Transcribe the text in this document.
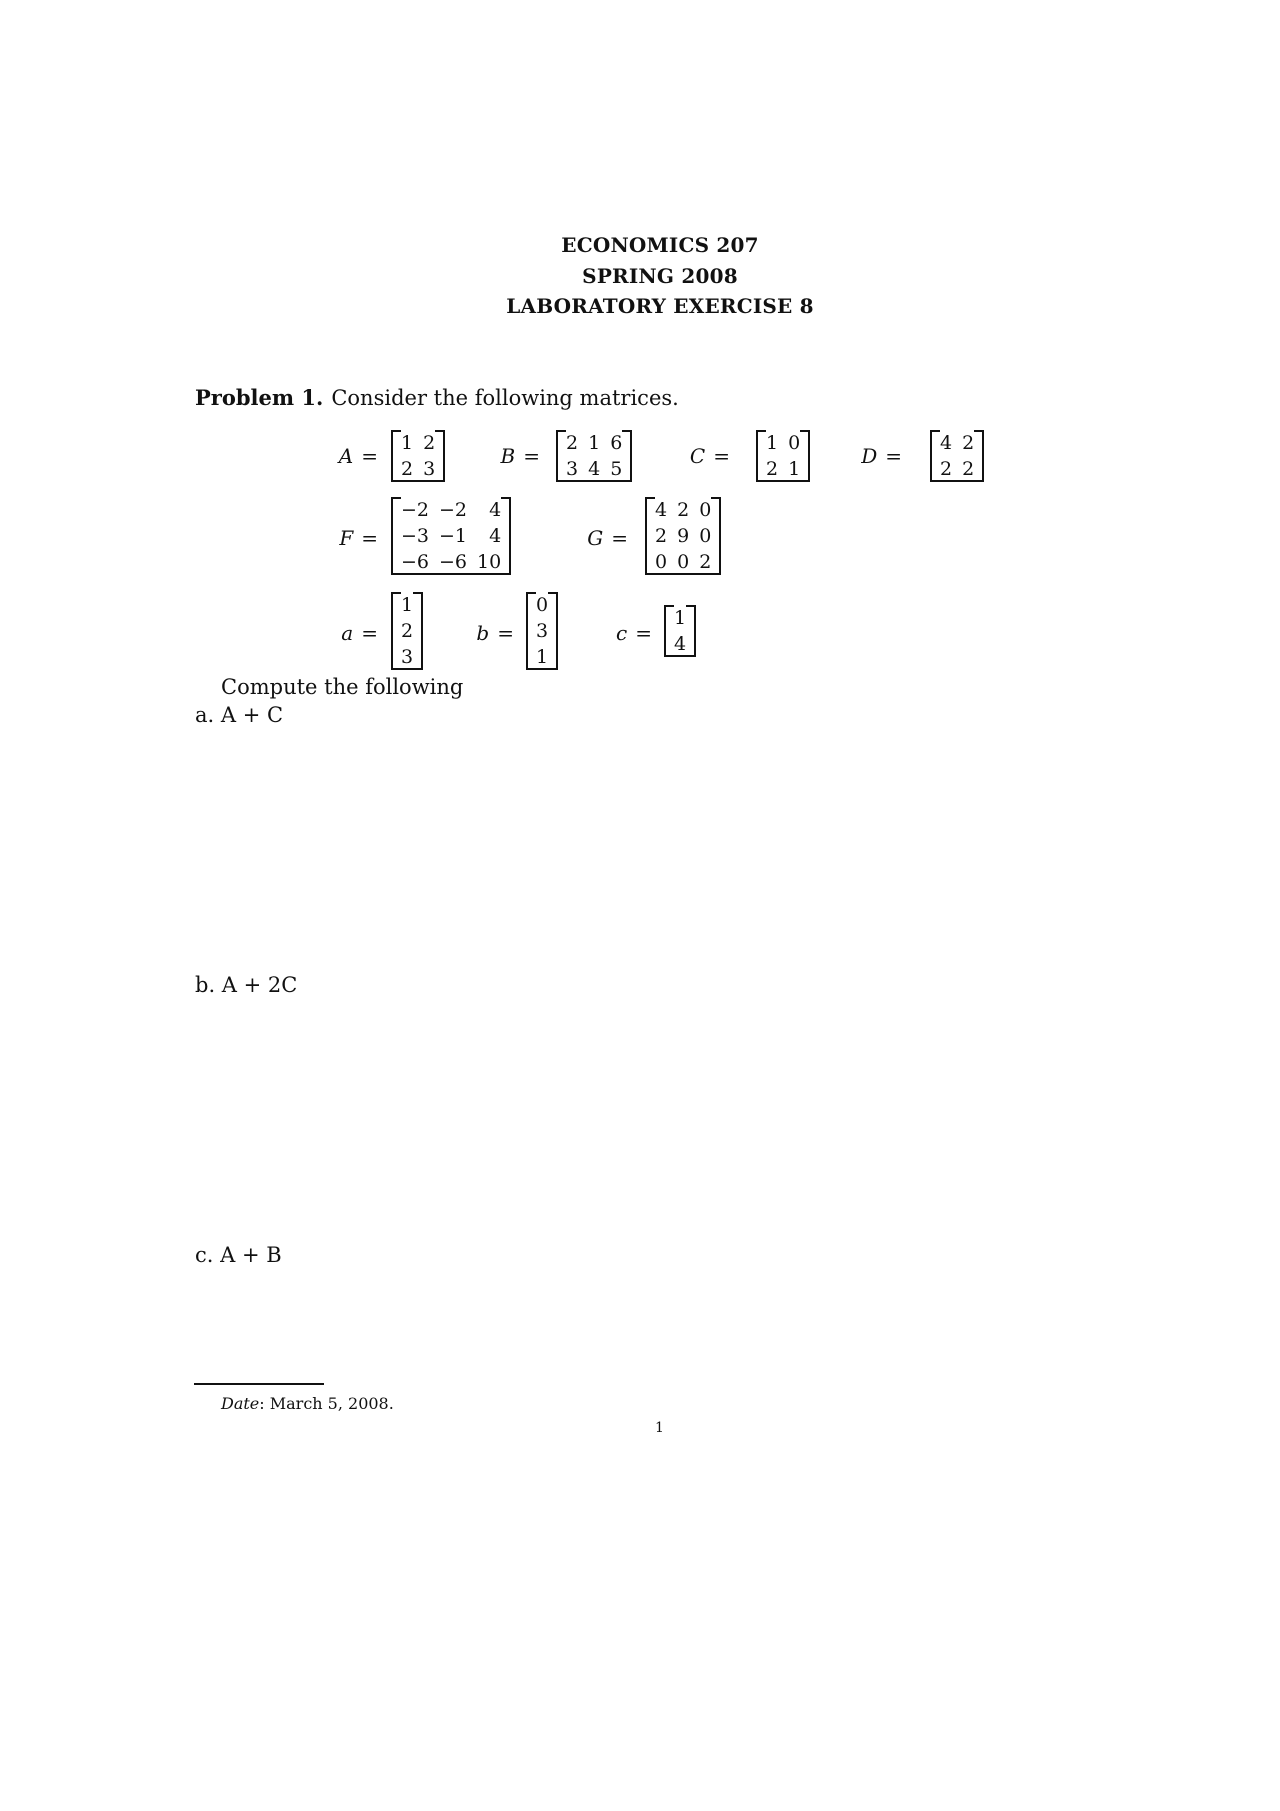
ECONOMICS 207
SPRING 2008
LABORATORY EXERCISE 8
Problem 1. Consider the following matrices.
A =
1	2
2	3
B =
2	1	6
3	4	5
C =
1	0
2	1
D =
4	2
2	2
F =
−2	−2	4
−3	−1	4
−6	−6	10
G =
4	2	0
2	9	0
0	0	2
a =
1
2
3
b =
0
3
1
c =
1
4
Compute the following
a. A + C
b. A + 2C
c. A + B
Date: March 5, 2008.
1
